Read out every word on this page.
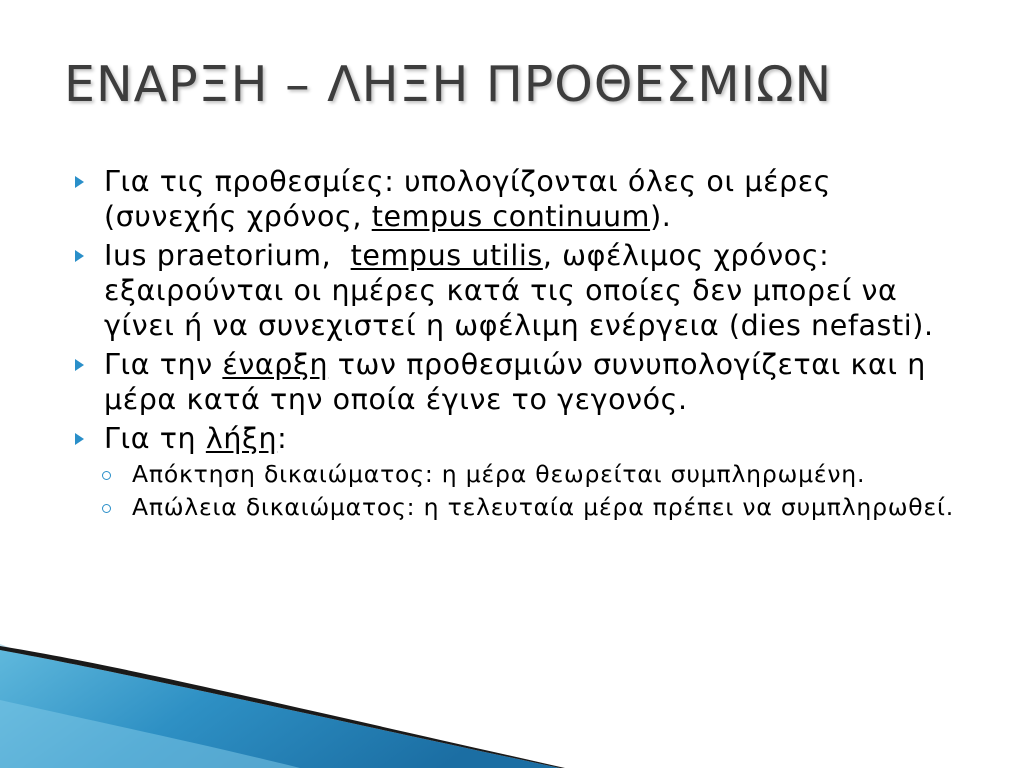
ΕΝΑΡΞΗ – ΛΗΞΗ ΠΡΟΘΕΣΜΙΩΝ
Για τις προθεσμίες: υπολογίζονται όλες οι μέρες (συνεχής χρόνος, tempus continuum).
Ius praetorium,  tempus utilis, ωφέλιμος χρόνος: εξαιρούνται οι ημέρες κατά τις οποίες δεν μπορεί να γίνει ή να συνεχιστεί η ωφέλιμη ενέργεια (dies nefasti).
Για την έναρξη των προθεσμιών συνυπολογίζεται και η μέρα κατά την οποία έγινε το γεγονός.
Για τη λήξη:
Απόκτηση δικαιώματος: η μέρα θεωρείται συμπληρωμένη.
Απώλεια δικαιώματος: η τελευταία μέρα πρέπει να συμπληρωθεί.
